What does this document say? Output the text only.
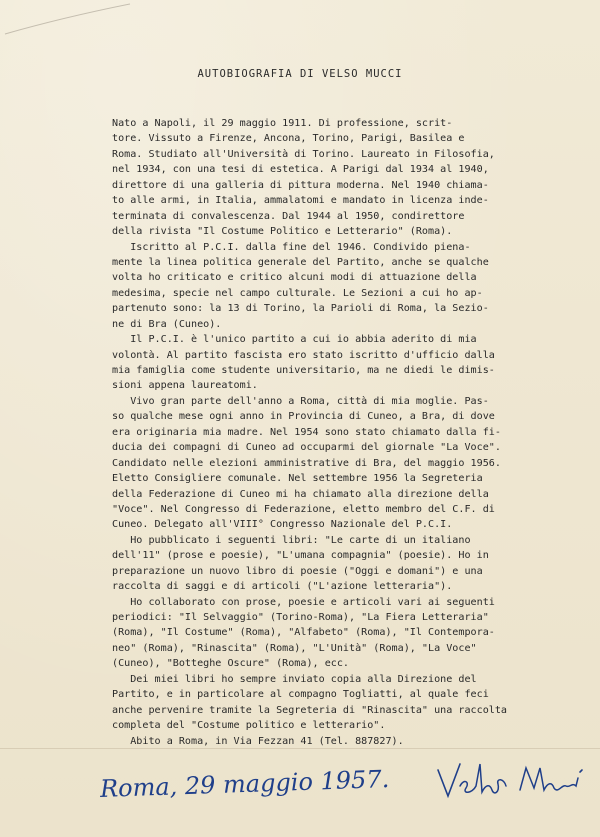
AUTOBIOGRAFIA DI VELSO MUCCI
Nato a Napoli, il 29 maggio 1911. Di professione, scrit-
tore. Vissuto a Firenze, Ancona, Torino, Parigi, Basilea e
Roma. Studiato all'Università di Torino. Laureato in Filosofia,
nel 1934, con una tesi di estetica. A Parigi dal 1934 al 1940,
direttore di una galleria di pittura moderna. Nel 1940 chiama-
to alle armi, in Italia, ammalatomi e mandato in licenza inde-
terminata di convalescenza. Dal 1944 al 1950, condirettore
della rivista "Il Costume Politico e Letterario" (Roma).
Iscritto al P.C.I. dalla fine del 1946. Condivido piena-
mente la linea politica generale del Partito, anche se qualche
volta ho criticato e critico alcuni modi di attuazione della
medesima, specie nel campo culturale. Le Sezioni a cui ho ap-
partenuto sono: la 13 di Torino, la Parioli di Roma, la Sezio-
ne di Bra (Cuneo).
Il P.C.I. è l'unico partito a cui io abbia aderito di mia
volontà. Al partito fascista ero stato iscritto d'ufficio dalla
mia famiglia come studente universitario, ma ne diedi le dimis-
sioni appena laureatomi.
Vivo gran parte dell'anno a Roma, città di mia moglie. Pas-
so qualche mese ogni anno in Provincia di Cuneo, a Bra, di dove
era originaria mia madre. Nel 1954 sono stato chiamato dalla fi-
ducia dei compagni di Cuneo ad occuparmi del giornale "La Voce".
Candidato nelle elezioni amministrative di Bra, del maggio 1956.
Eletto Consigliere comunale. Nel settembre 1956 la Segreteria
della Federazione di Cuneo mi ha chiamato alla direzione della
"Voce". Nel Congresso di Federazione, eletto membro del C.F. di
Cuneo. Delegato all'VIII° Congresso Nazionale del P.C.I.
Ho pubblicato i seguenti libri: "Le carte di un italiano
dell'11" (prose e poesie), "L'umana compagnia" (poesie). Ho in
preparazione un nuovo libro di poesie ("Oggi e domani") e una
raccolta di saggi e di articoli ("L'azione letteraria").
Ho collaborato con prose, poesie e articoli vari ai seguenti
periodici: "Il Selvaggio" (Torino-Roma), "La Fiera Letteraria"
(Roma), "Il Costume" (Roma), "Alfabeto" (Roma), "Il Contempora-
neo" (Roma), "Rinascita" (Roma), "L'Unità" (Roma), "La Voce"
(Cuneo), "Botteghe Oscure" (Roma), ecc.
Dei miei libri ho sempre inviato copia alla Direzione del
Partito, e in particolare al compagno Togliatti, al quale feci
anche pervenire tramite la Segreteria di "Rinascita" una raccolta
completa del "Costume politico e letterario".
Abito a Roma, in Via Fezzan 41 (Tel. 887827).
Roma, 29 maggio 1957.
